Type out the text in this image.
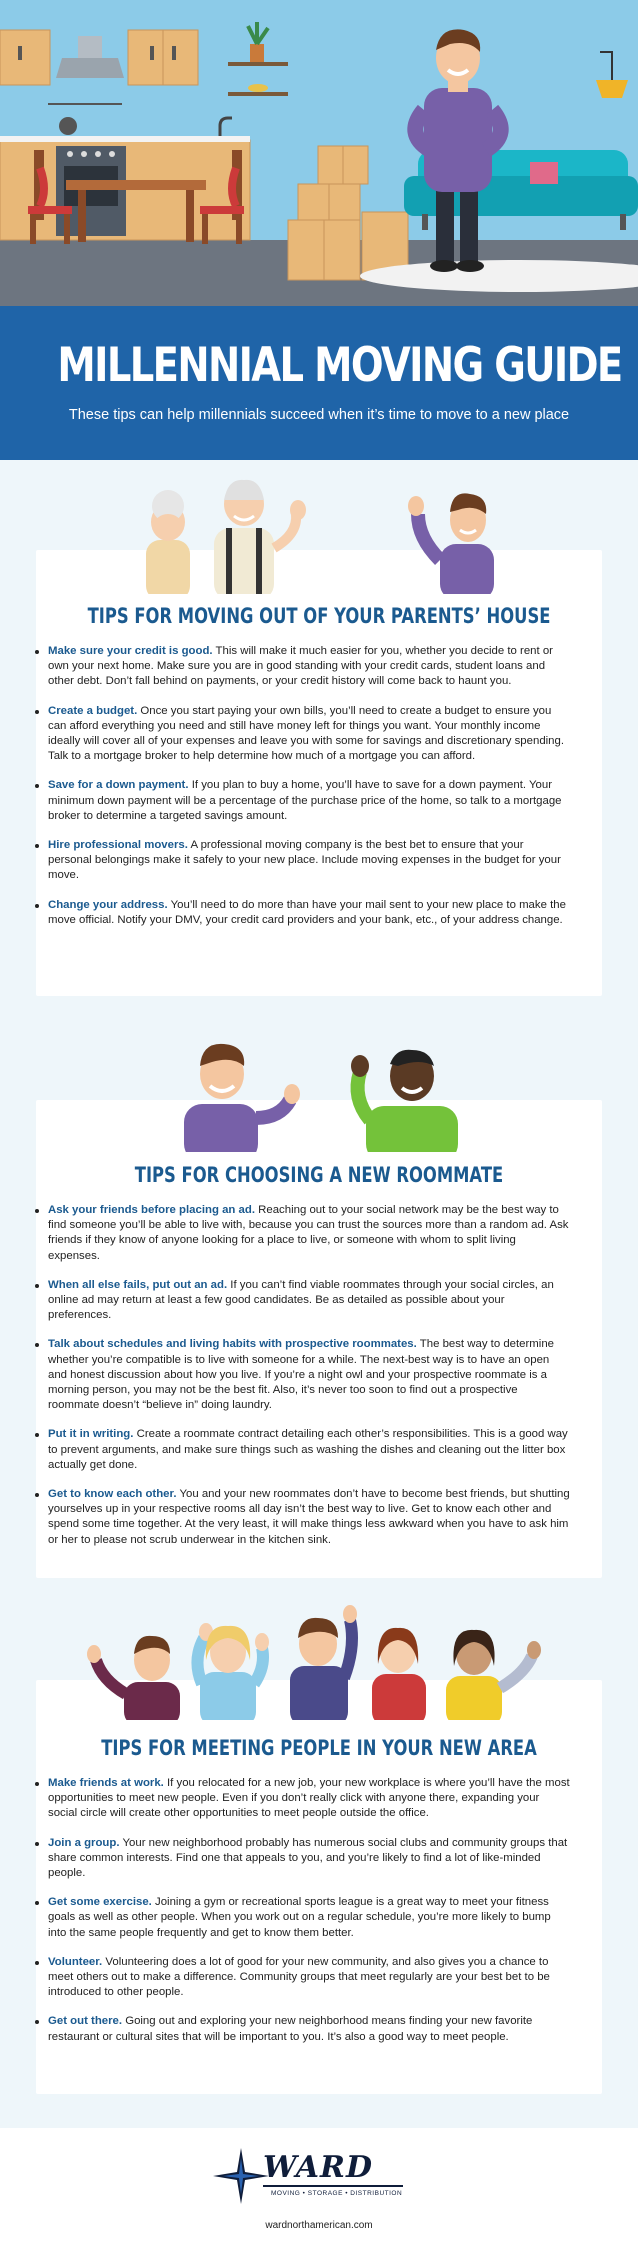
MILLENNIAL MOVING GUIDE
These tips can help millennials succeed when it’s time to move to a new place
TIPS FOR MOVING OUT OF YOUR PARENTS’ HOUSE
Make sure your credit is good. This will make it much easier for you, whether you decide to rent or own your next home. Make sure you are in good standing with your credit cards, student loans and other debt. Don’t fall behind on payments, or your credit history will come back to haunt you.
Create a budget. Once you start paying your own bills, you’ll need to create a budget to ensure you can afford everything you need and still have money left for things you want. Your monthly income ideally will cover all of your expenses and leave you with some for savings and discretionary spending. Talk to a mortgage broker to help determine how much of a mortgage you can afford.
Save for a down payment. If you plan to buy a home, you’ll have to save for a down payment. Your minimum down payment will be a percentage of the purchase price of the home, so talk to a mortgage broker to determine a targeted savings amount.
Hire professional movers. A professional moving company is the best bet to ensure that your personal belongings make it safely to your new place. Include moving expenses in the budget for your move.
Change your address. You’ll need to do more than have your mail sent to your new place to make the move official. Notify your DMV, your credit card providers and your bank, etc., of your address change.
TIPS FOR CHOOSING A NEW ROOMMATE
Ask your friends before placing an ad. Reaching out to your social network may be the best way to find someone you’ll be able to live with, because you can trust the sources more than a random ad. Ask friends if they know of anyone looking for a place to live, or someone with whom to split living expenses.
When all else fails, put out an ad. If you can’t find viable roommates through your social circles, an online ad may return at least a few good candidates. Be as detailed as possible about your preferences.
Talk about schedules and living habits with prospective roommates. The best way to determine whether you’re compatible is to live with someone for a while. The next-best way is to have an open and honest discussion about how you live. If you’re a night owl and your prospective roommate is a morning person, you may not be the best fit. Also, it’s never too soon to find out a prospective roommate doesn’t “believe in” doing laundry.
Put it in writing. Create a roommate contract detailing each other’s responsibilities. This is a good way to prevent arguments, and make sure things such as washing the dishes and cleaning out the litter box actually get done.
Get to know each other. You and your new roommates don’t have to become best friends, but shutting yourselves up in your respective rooms all day isn’t the best way to live. Get to know each other and spend some time together. At the very least, it will make things less awkward when you have to ask him or her to please not scrub underwear in the kitchen sink.
TIPS FOR MEETING PEOPLE IN YOUR NEW AREA
Make friends at work. If you relocated for a new job, your new workplace is where you’ll have the most opportunities to meet new people. Even if you don’t really click with anyone there, expanding your social circle will create other opportunities to meet people outside the office.
Join a group. Your new neighborhood probably has numerous social clubs and community groups that share common interests. Find one that appeals to you, and you’re likely to find a lot of like-minded people.
Get some exercise. Joining a gym or recreational sports league is a great way to meet your fitness goals as well as other people. When you work out on a regular schedule, you’re more likely to bump into the same people frequently and get to know them better.
Volunteer. Volunteering does a lot of good for your new community, and also gives you a chance to meet others out to make a difference. Community groups that meet regularly are your best bet to be introduced to other people.
Get out there. Going out and exploring your new neighborhood means finding your new favorite restaurant or cultural sites that will be important to you. It’s also a good way to meet people.
WARD
MOVING • STORAGE • DISTRIBUTION
wardnorthamerican.com
